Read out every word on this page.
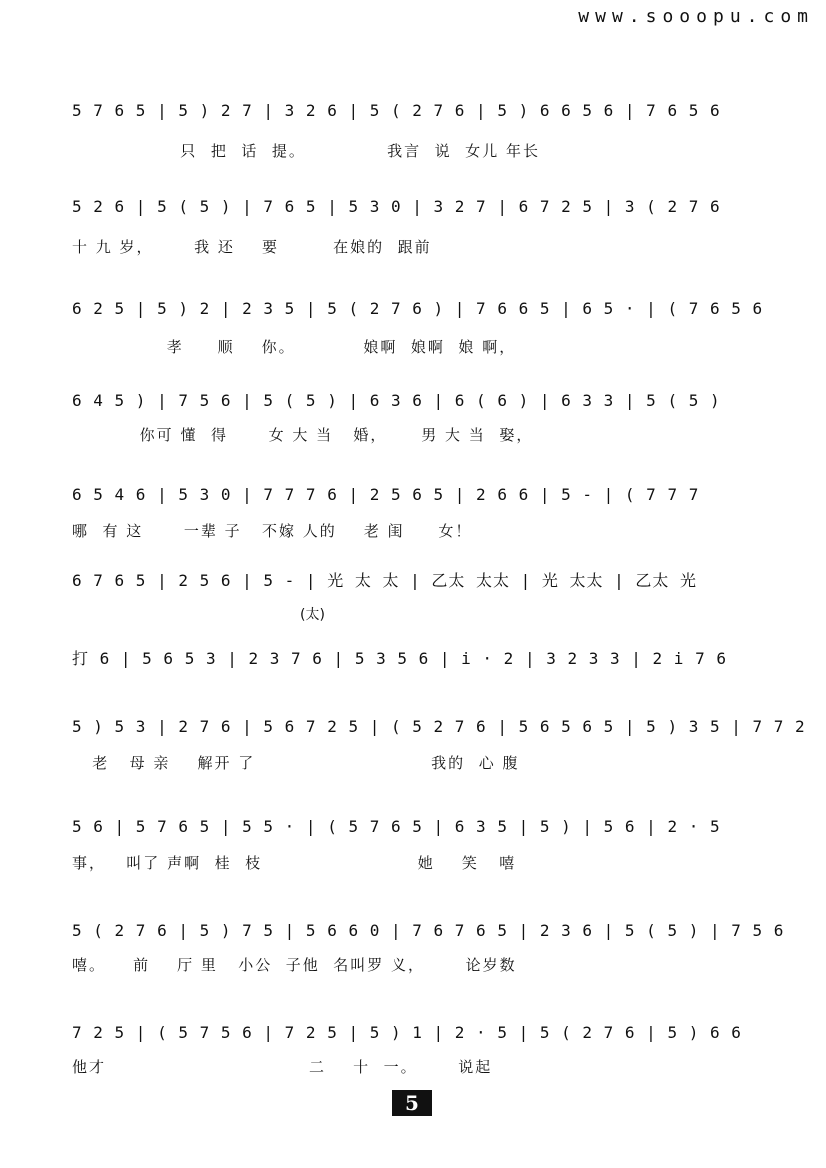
www.sooopu.com
5 7 6 5 | 5 ) 2 7 | 3 2 6 | 5 ( 2 7 6 | 5 ) 6 6 5 6 | 7 6 5 6
只  把  话  提。            我言  说  女儿 年长
5 2 6 | 5 ( 5 ) | 7 6 5 | 5 3 0 | 3 2 7 | 6 7 2 5 | 3 ( 2 7 6
十 九 岁，      我 还    要        在娘的  跟前
6 2 5 | 5 ) 2 | 2 3 5 | 5 ( 2 7 6 ) | 7 6 6 5 | 6 5 · | ( 7 6 5 6
孝     顺    你。          娘啊  娘啊  娘 啊，
6 4 5 ) | 7 5 6 | 5 ( 5 ) | 6 3 6 | 6 ( 6 ) | 6 3 3 | 5 ( 5 )
你可 懂  得      女 大 当   婚，     男 大 当  娶，
6 5 4 6 | 5 3 0 | 7 7 7 6 | 2 5 6 5 | 2 6 6 | 5 - | ( 7 7 7
哪  有 这      一辈 子   不嫁 人的    老 闺     女！
6 7 6 5 | 2 5 6 | 5 - | 光 太 太 | 乙太 太太 | 光 太太 | 乙太 光
(太)
打 6 | 5 6 5 3 | 2 3 7 6 | 5 3 5 6 | i · 2 | 3 2 3 3 | 2 i 7 6
5 ) 5 3 | 2 7 6 | 5 6 7 2 5 | ( 5 2 7 6 | 5 6 5 6 5 | 5 ) 3 5 | 7 7 2
老   母 亲    解开 了                          我的  心 腹
5 6 | 5 7 6 5 | 5 5 · | ( 5 7 6 5 | 6 3 5 | 5 ) | 5 6 | 2 · 5
事，   叫了 声啊  桂  枝                       她    笑   嘻
5 ( 2 7 6 | 5 ) 7 5 | 5 6 6 0 | 7 6 7 6 5 | 2 3 6 | 5 ( 5 ) | 7 5 6
嘻。    前    厅 里   小公  子他  名叫罗 义，      论岁数
7 2 5 | ( 5 7 5 6 | 7 2 5 | 5 ) 1 | 2 · 5 | 5 ( 2 7 6 | 5 ) 6 6
他才                              二    十  一。      说起
5
